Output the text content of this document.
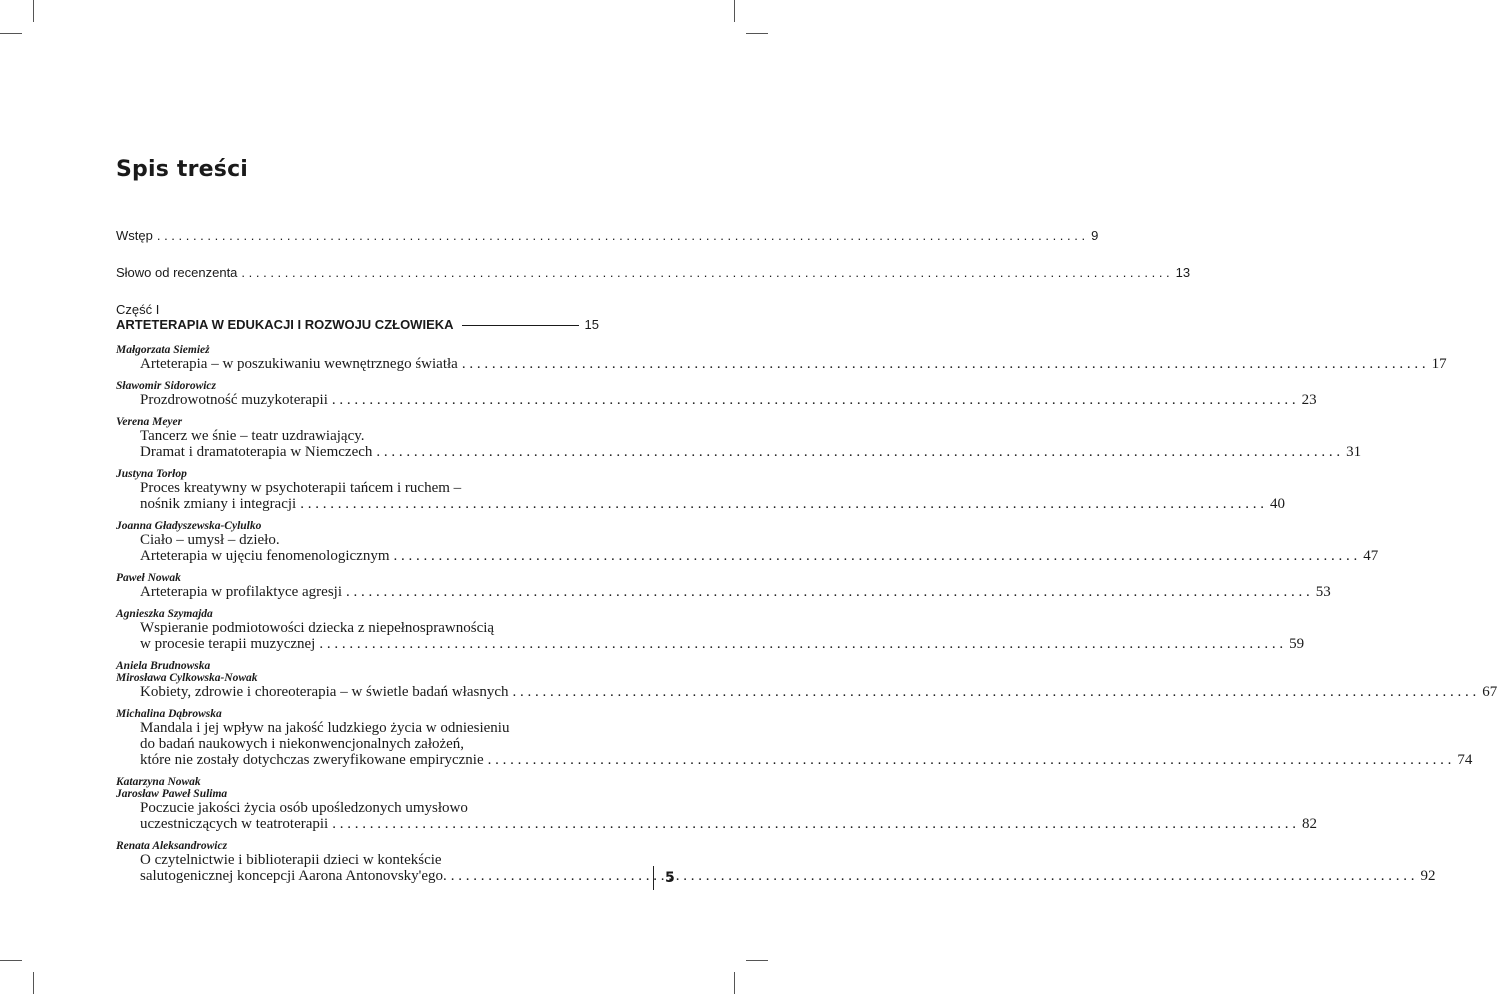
Spis treści
Wstęp . . .	9
Słowo od recenzenta . . .	13
Część I
ARTETERAPIA W EDUKACJI I ROZWOJU CZŁOWIEKA	15
Małgorzata Siemież
Arteterapia – w poszukiwaniu wewnętrznego światła . . .	17
Sławomir Sidorowicz
Prozdrowotność muzykoterapii . . .	23
Verena Meyer
Tancerz we śnie – teatr uzdrawiający.
Dramat i dramatoterapia w Niemczech . . .	31
Justyna Torłop
Proces kreatywny w psychoterapii tańcem i ruchem –
nośnik zmiany i integracji . . .	40
Joanna Gładyszewska-Cylulko
Ciało – umysł – dzieło.
Arteterapia w ujęciu fenomenologicznym . . .	47
Paweł Nowak
Arteterapia w profilaktyce agresji . . .	53
Agnieszka Szymajda
Wspieranie podmiotowości dziecka z niepełnosprawnością
w procesie terapii muzycznej . . .	59
Aniela Brudnowska
Mirosława Cylkowska-Nowak
Kobiety, zdrowie i choreoterapia – w świetle badań własnych . . .	67
Michalina Dąbrowska
Mandala i jej wpływ na jakość ludzkiego życia w odniesieniu
do badań naukowych i niekonwencjonalnych założeń,
które nie zostały dotychczas zweryfikowane empirycznie . . .	74
Katarzyna Nowak
Jarosław Paweł Sulima
Poczucie jakości życia osób upośledzonych umysłowo
uczestniczących w teatroterapii . . .	82
Renata Aleksandrowicz
O czytelnictwie i biblioterapii dzieci w kontekście
salutogenicznej koncepcji Aarona Antonovsky'ego. . . .	92
5
